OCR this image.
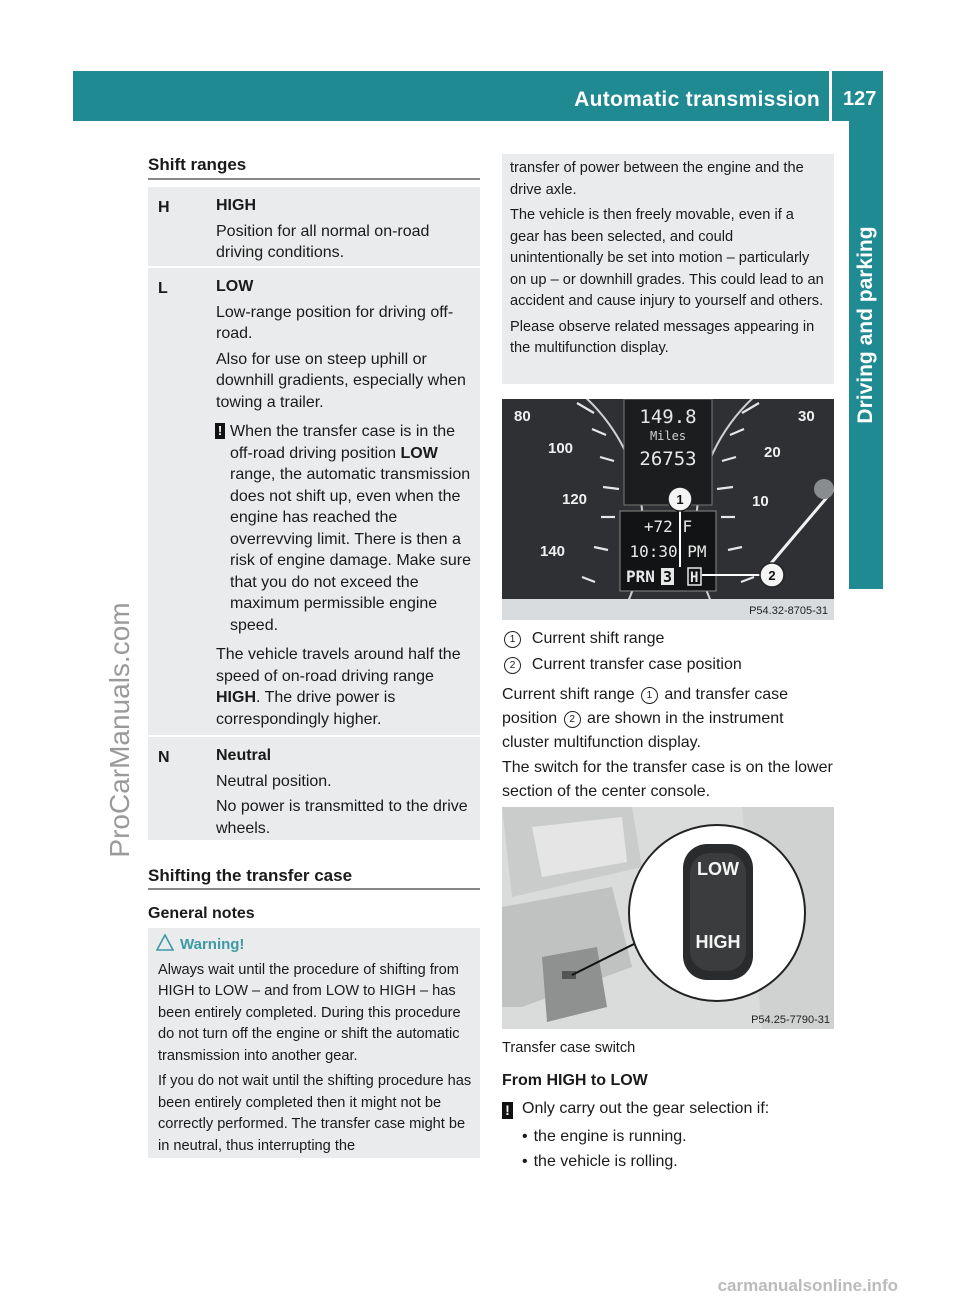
Automatic transmission 127
Driving and parking
ProCarManuals.com
Shift ranges
H	HIGH

Position for all normal on-road driving conditions.

L	LOW

Low-range position for driving off-road.

Also for use on steep uphill or downhill gradients, especially when towing a trailer.

! When the transfer case is in the off-road driving position LOW range, the automatic transmission does not shift up, even when the engine has reached the overrevving limit. There is then a risk of engine damage. Make sure that you do not exceed the maximum permissible engine speed.

The vehicle travels around half the speed of on-road driving range HIGH. The drive power is correspondingly higher.

N	Neutral

Neutral position.

No power is transmitted to the drive wheels.

Shifting the transfer case
General notes
Warning!

Always wait until the procedure of shifting from HIGH to LOW – and from LOW to HIGH – has been entirely completed. During this procedure do not turn off the engine or shift the automatic transmission into another gear.

If you do not wait until the shifting procedure has been entirely completed then it might not be correctly performed. The transfer case might be in neutral, thus interrupting the

transfer of power between the engine and the drive axle.

The vehicle is then freely movable, even if a gear has been selected, and could unintentionally be set into motion – particularly on up – or downhill grades. This could lead to an accident and cause injury to yourself and others.

Please observe related messages appearing in the multifunction display.

80
100
120
140
30
20
10
149.8
Miles
26753
+72 F
10:30 PM
PRN 3 H
1
2
P54.32-8705-31
1 Current shift range
2 Current transfer case position
Current shift range 1 and transfer case position 2 are shown in the instrument cluster multifunction display.
The switch for the transfer case is on the lower section of the center console.
LOW
HIGH
P54.25-7790-31
Transfer case switch
From HIGH to LOW
! Only carry out the gear selection if:
• the engine is running.
• the vehicle is rolling.
carmanualsonline.info
